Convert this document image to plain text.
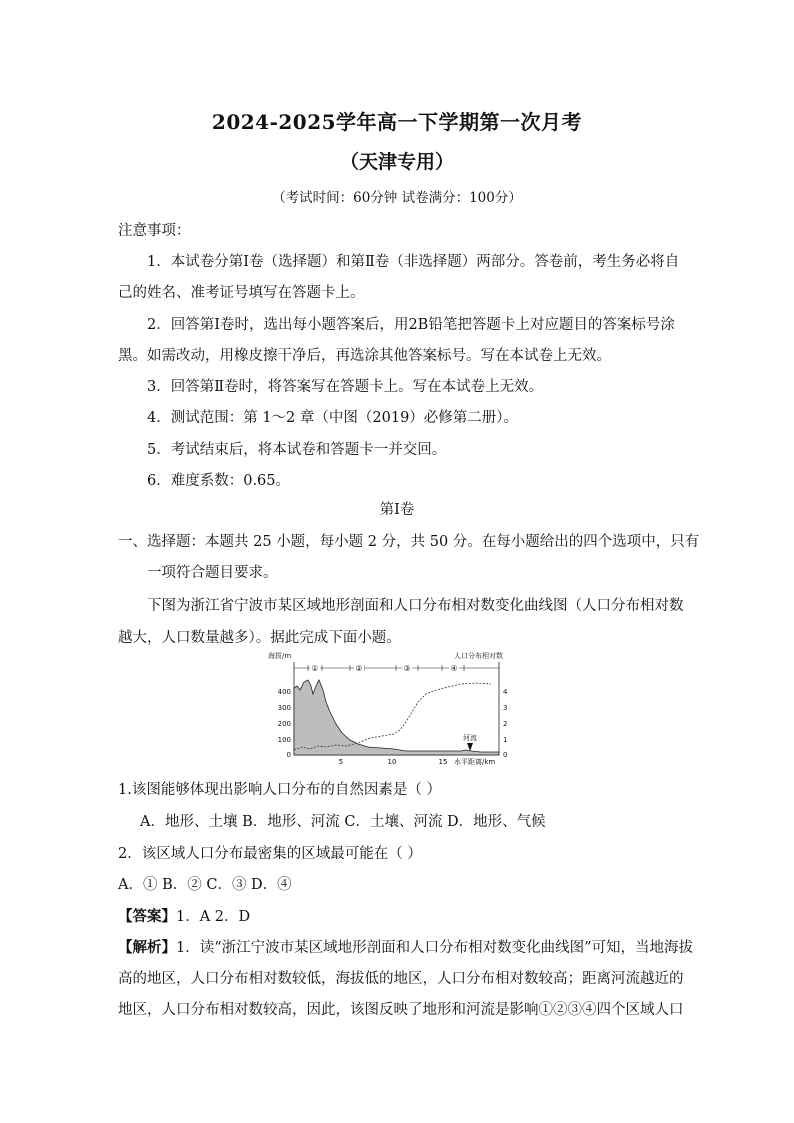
2024-2025学年高一下学期第一次月考
（天津专用）
（考试时间：60分钟 试卷满分：100分）
注意事项：
1．本试卷分第Ⅰ卷（选择题）和第Ⅱ卷（非选择题）两部分。答卷前，考生务必将自
己的姓名、准考证号填写在答题卡上。
2．回答第Ⅰ卷时，选出每小题答案后，用2B铅笔把答题卡上对应题目的答案标号涂
黑。如需改动，用橡皮擦干净后，再选涂其他答案标号。写在本试卷上无效。
3．回答第Ⅱ卷时，将答案写在答题卡上。写在本试卷上无效。
4．测试范围：第 1～2 章（中图（2019）必修第二册）。
5．考试结束后，将本试卷和答题卡一并交回。
6．难度系数：0.65。
第Ⅰ卷
一、选择题：本题共 25 小题，每小题 2 分，共 50 分。在每小题给出的四个选项中，只有
一项符合题目要求。
下图为浙江省宁波市某区域地形剖面和人口分布相对数变化曲线图（人口分布相对数
越大，人口数量越多）。据此完成下面小题。
海拔/m	人口分布相对数
①	②	③	④
河流
400
300
200
100
0
4
3
2
1
0
5	10	15 水平距离/km
1.该图能够体现出影响人口分布的自然因素是（ ）
A．地形、土壤 B．地形、河流 C．土壤、河流 D．地形、气候
2．该区域人口分布最密集的区域最可能在（ ）
A．① B．② C．③ D．④
【答案】1．A 2．D
【解析】1．读“浙江宁波市某区域地形剖面和人口分布相对数变化曲线图”可知，当地海拔
高的地区，人口分布相对数较低，海拔低的地区，人口分布相对数较高；距离河流越近的
地区，人口分布相对数较高，因此，该图反映了地形和河流是影响①②③④四个区域人口
